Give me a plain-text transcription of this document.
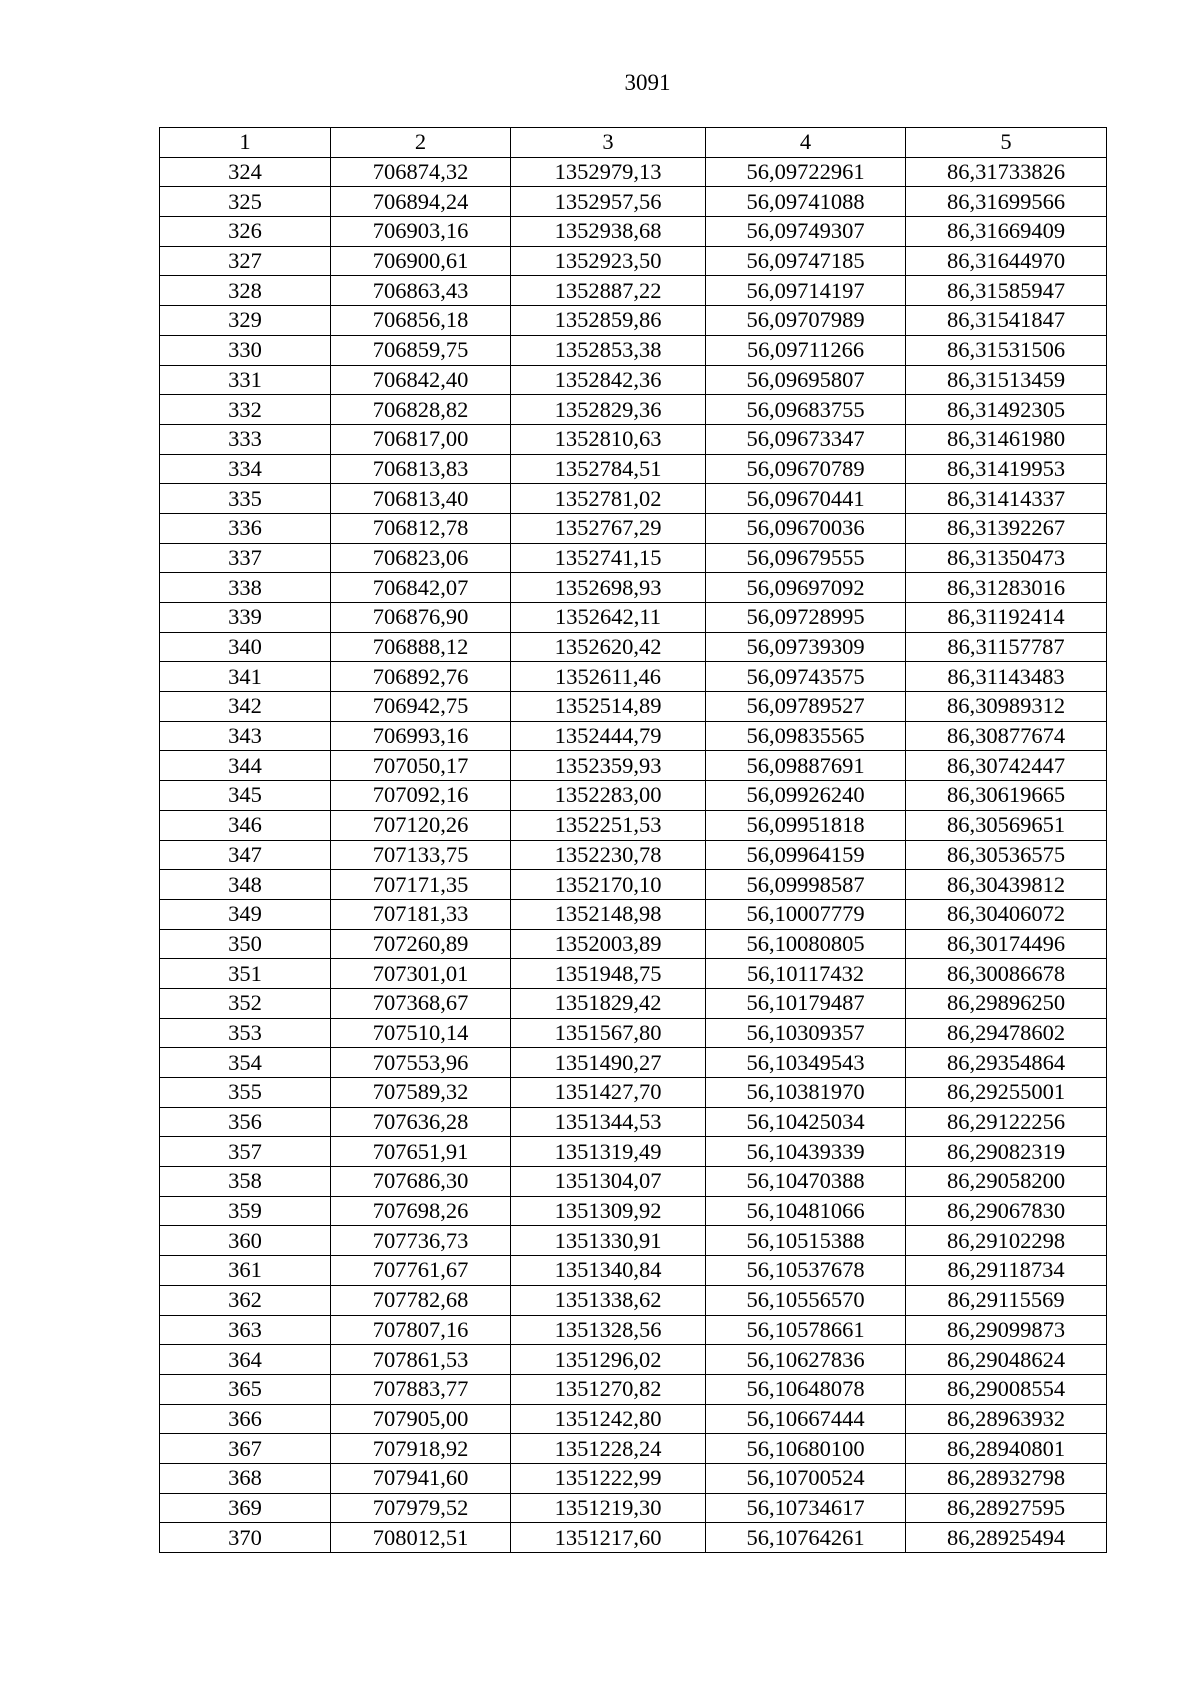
3091
1	2	3	4	5
324	706874,32	1352979,13	56,09722961	86,31733826
325	706894,24	1352957,56	56,09741088	86,31699566
326	706903,16	1352938,68	56,09749307	86,31669409
327	706900,61	1352923,50	56,09747185	86,31644970
328	706863,43	1352887,22	56,09714197	86,31585947
329	706856,18	1352859,86	56,09707989	86,31541847
330	706859,75	1352853,38	56,09711266	86,31531506
331	706842,40	1352842,36	56,09695807	86,31513459
332	706828,82	1352829,36	56,09683755	86,31492305
333	706817,00	1352810,63	56,09673347	86,31461980
334	706813,83	1352784,51	56,09670789	86,31419953
335	706813,40	1352781,02	56,09670441	86,31414337
336	706812,78	1352767,29	56,09670036	86,31392267
337	706823,06	1352741,15	56,09679555	86,31350473
338	706842,07	1352698,93	56,09697092	86,31283016
339	706876,90	1352642,11	56,09728995	86,31192414
340	706888,12	1352620,42	56,09739309	86,31157787
341	706892,76	1352611,46	56,09743575	86,31143483
342	706942,75	1352514,89	56,09789527	86,30989312
343	706993,16	1352444,79	56,09835565	86,30877674
344	707050,17	1352359,93	56,09887691	86,30742447
345	707092,16	1352283,00	56,09926240	86,30619665
346	707120,26	1352251,53	56,09951818	86,30569651
347	707133,75	1352230,78	56,09964159	86,30536575
348	707171,35	1352170,10	56,09998587	86,30439812
349	707181,33	1352148,98	56,10007779	86,30406072
350	707260,89	1352003,89	56,10080805	86,30174496
351	707301,01	1351948,75	56,10117432	86,30086678
352	707368,67	1351829,42	56,10179487	86,29896250
353	707510,14	1351567,80	56,10309357	86,29478602
354	707553,96	1351490,27	56,10349543	86,29354864
355	707589,32	1351427,70	56,10381970	86,29255001
356	707636,28	1351344,53	56,10425034	86,29122256
357	707651,91	1351319,49	56,10439339	86,29082319
358	707686,30	1351304,07	56,10470388	86,29058200
359	707698,26	1351309,92	56,10481066	86,29067830
360	707736,73	1351330,91	56,10515388	86,29102298
361	707761,67	1351340,84	56,10537678	86,29118734
362	707782,68	1351338,62	56,10556570	86,29115569
363	707807,16	1351328,56	56,10578661	86,29099873
364	707861,53	1351296,02	56,10627836	86,29048624
365	707883,77	1351270,82	56,10648078	86,29008554
366	707905,00	1351242,80	56,10667444	86,28963932
367	707918,92	1351228,24	56,10680100	86,28940801
368	707941,60	1351222,99	56,10700524	86,28932798
369	707979,52	1351219,30	56,10734617	86,28927595
370	708012,51	1351217,60	56,10764261	86,28925494
